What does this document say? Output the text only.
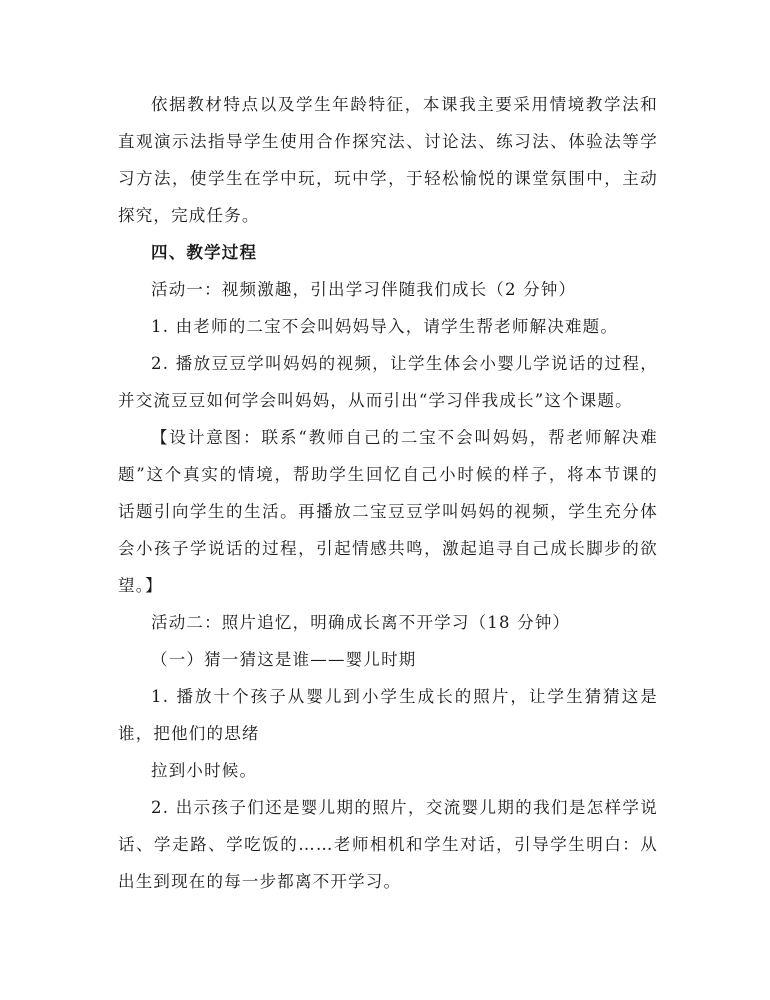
依据教材特点以及学生年龄特征，本课我主要采用情境教学法和直观演示法指导学生使用合作探究法、讨论法、练习法、体验法等学习方法，使学生在学中玩，玩中学，于轻松愉悦的课堂氛围中，主动探究，完成任务。

四、教学过程

活动一：视频激趣，引出学习伴随我们成长（2 分钟）

1. 由老师的二宝不会叫妈妈导入，请学生帮老师解决难题。

2. 播放豆豆学叫妈妈的视频，让学生体会小婴儿学说话的过程，并交流豆豆如何学会叫妈妈，从而引出“学习伴我成长”这个课题。

【设计意图：联系“教师自己的二宝不会叫妈妈，帮老师解决难题”这个真实的情境，帮助学生回忆自己小时候的样子，将本节课的话题引向学生的生活。再播放二宝豆豆学叫妈妈的视频，学生充分体会小孩子学说话的过程，引起情感共鸣，激起追寻自己成长脚步的欲望。】

活动二：照片追忆，明确成长离不开学习（18 分钟）

（一）猜一猜这是谁——婴儿时期

1. 播放十个孩子从婴儿到小学生成长的照片，让学生猜猜这是谁，把他们的思绪

拉到小时候。

2. 出示孩子们还是婴儿期的照片，交流婴儿期的我们是怎样学说话、学走路、学吃饭的……老师相机和学生对话，引导学生明白：从出生到现在的每一步都离不开学习。
